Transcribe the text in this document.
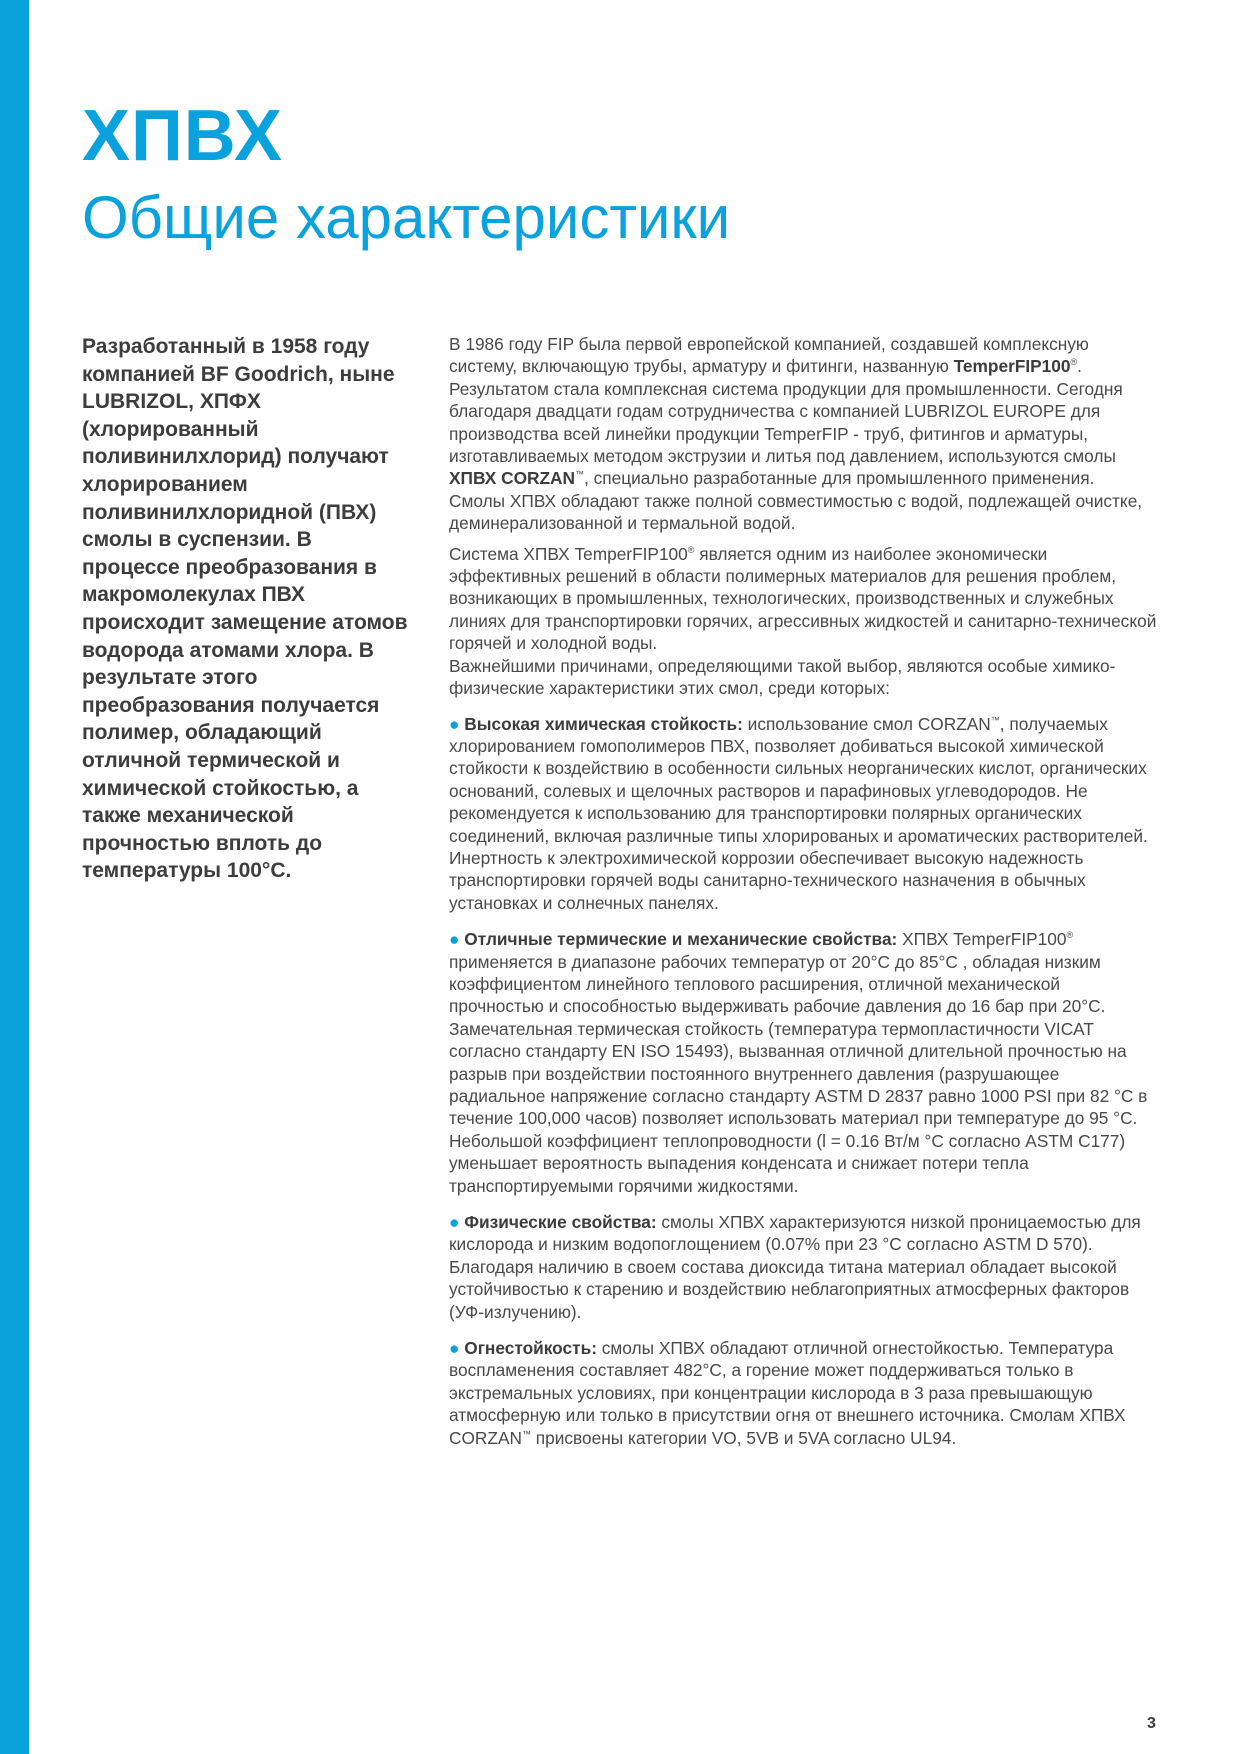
ХПВХ
Общие характеристики

Разработанный в 1958 году компанией BF Goodrich, ныне LUBRIZOL, ХПФХ (хлорированный поливинилхлорид) получают хлорированием поливинилхлоридной (ПВХ) смолы в суспензии. В процессе преобразования в макромолекулах ПВХ происходит замещение атомов водорода атомами хлора. В результате этого преобразования получается полимер, обладающий отличной термической и химической стойкостью, а также механической прочностью вплоть до температуры 100°C.

В 1986 году FIP была первой европейской компанией, создавшей комплексную систему, включающую трубы, арматуру и фитинги, названную TemperFIP100®. Результатом стала комплексная система продукции для промышленности. Сегодня благодаря двадцати годам сотрудничества с компанией LUBRIZOL EUROPE для производства всей линейки продукции TemperFIP - труб, фитингов и арматуры, изготавливаемых методом экструзии и литья под давлением, используются смолы ХПВХ CORZAN™, специально разработанные для промышленного применения.

Смолы ХПВХ обладают также полной совместимостью с водой, подлежащей очистке, деминерализованной и термальной водой.

Система ХПВХ TemperFIP100® является одним из наиболее экономически эффективных решений в области полимерных материалов для решения проблем, возникающих в промышленных, технологических, производственных и служебных линиях для транспортировки горячих, агрессивных жидкостей и санитарно-технической горячей и холодной воды.

Важнейшими причинами, определяющими такой выбор, являются особые химико-физические характеристики этих смол, среди которых:

● Высокая химическая стойкость: использование смол CORZAN™, получаемых хлорированием гомополимеров ПВХ, позволяет добиваться высокой химической стойкости к воздействию в особенности сильных неорганических кислот, органических оснований, солевых и щелочных растворов и парафиновых углеводородов. Не рекомендуется к использованию для транспортировки полярных органических соединений, включая различные типы хлорированых и ароматических растворителей. Инертность к электрохимической коррозии обеспечивает высокую надежность транспортировки горячей воды санитарно-технического назначения в обычных установках и солнечных панелях.

● Отличные термические и механические свойства: ХПВХ TemperFIP100® применяется в диапазоне рабочих температур от 20°C до 85°C , обладая низким коэффициентом линейного теплового расширения, отличной механической прочностью и способностью выдерживать рабочие давления до 16 бар при 20°C. Замечательная термическая стойкость (температура термопластичности VICAT согласно стандарту EN ISO 15493), вызванная отличной длительной прочностью на разрыв при воздействии постоянного внутреннего давления (разрушающее радиальное напряжение согласно стандарту ASTM D 2837 равно 1000 PSI при 82 °C в течение 100,000 часов) позволяет использовать материал при температуре до 95 °C. Небольшой коэффициент теплопроводности (l = 0.16 Вт/м °C согласно ASTM C177) уменьшает вероятность выпадения конденсата и снижает потери тепла транспортируемыми горячими жидкостями.

● Физические свойства: смолы ХПВХ характеризуются низкой проницаемостью для кислорода и низким водопоглощением (0.07% при 23 °C согласно ASTM D 570). Благодаря наличию в своем состава диоксида титана материал обладает высокой устойчивостью к старению и воздействию неблагоприятных атмосферных факторов (УФ-излучению).

● Огнестойкость: смолы ХПВХ обладают отличной огнестойкостью. Температура воспламенения составляет 482°C, а горение может поддерживаться только в экстремальных условиях, при концентрации кислорода в 3 раза превышающую атмосферную или только в присутствии огня от внешнего источника. Смолам ХПВХ CORZAN™ присвоены категории VO, 5VB и 5VA согласно UL94.

3
